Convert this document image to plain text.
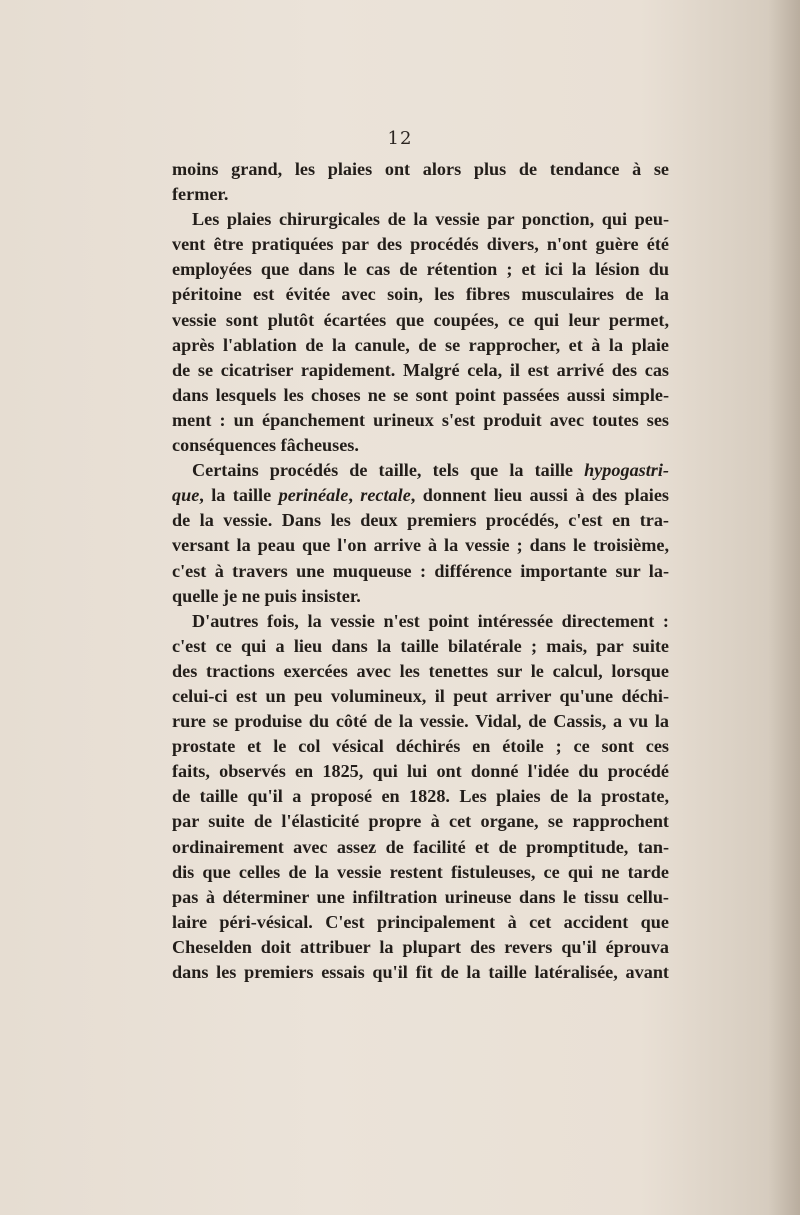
12
moins grand, les plaies ont alors plus de tendance à se
fermer.
Les plaies chirurgicales de la vessie par ponction, qui peu-
vent être pratiquées par des procédés divers, n'ont guère été
employées que dans le cas de rétention ; et ici la lésion du
péritoine est évitée avec soin, les fibres musculaires de la
vessie sont plutôt écartées que coupées, ce qui leur permet,
après l'ablation de la canule, de se rapprocher, et à la plaie
de se cicatriser rapidement. Malgré cela, il est arrivé des cas
dans lesquels les choses ne se sont point passées aussi simple-
ment : un épanchement urineux s'est produit avec toutes ses
conséquences fâcheuses.
Certains procédés de taille, tels que la taille hypogastri-
que, la taille perinéale, rectale, donnent lieu aussi à des plaies
de la vessie. Dans les deux premiers procédés, c'est en tra-
versant la peau que l'on arrive à la vessie ; dans le troisième,
c'est à travers une muqueuse : différence importante sur la-
quelle je ne puis insister.
D'autres fois, la vessie n'est point intéressée directement :
c'est ce qui a lieu dans la taille bilatérale ; mais, par suite
des tractions exercées avec les tenettes sur le calcul, lorsque
celui-ci est un peu volumineux, il peut arriver qu'une déchi-
rure se produise du côté de la vessie. Vidal, de Cassis, a vu la
prostate et le col vésical déchirés en étoile ; ce sont ces
faits, observés en 1825, qui lui ont donné l'idée du procédé
de taille qu'il a proposé en 1828. Les plaies de la prostate,
par suite de l'élasticité propre à cet organe, se rapprochent
ordinairement avec assez de facilité et de promptitude, tan-
dis que celles de la vessie restent fistuleuses, ce qui ne tarde
pas à déterminer une infiltration urineuse dans le tissu cellu-
laire péri-vésical. C'est principalement à cet accident que
Cheselden doit attribuer la plupart des revers qu'il éprouva
dans les premiers essais qu'il fit de la taille latéralisée, avant
